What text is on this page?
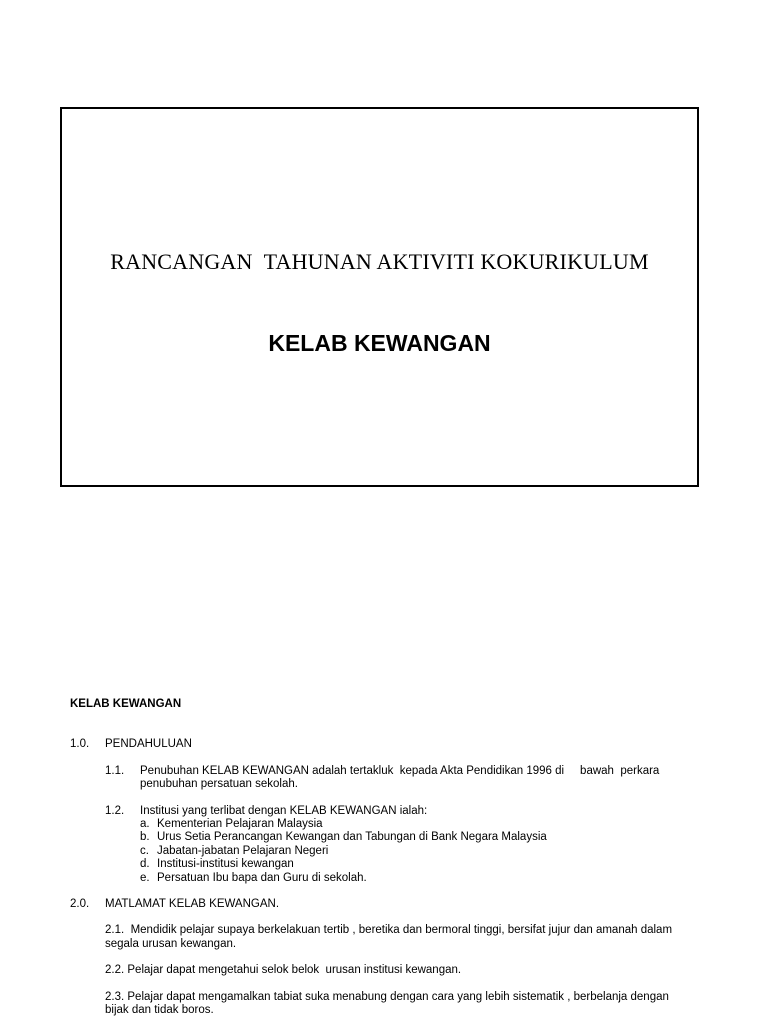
RANCANGAN  TAHUNAN AKTIVITI KOKURIKULUM
KELAB KEWANGAN
KELAB KEWANGAN
1.0.	PENDAHULUAN
1.1.	Penubuhan KELAB KEWANGAN adalah tertakluk  kepada Akta Pendidikan 1996 di     bawah  perkara penubuhan persatuan sekolah.
1.2.	Institusi yang terlibat dengan KELAB KEWANGAN ialah:
a. Kementerian Pelajaran Malaysia
b. Urus Setia Perancangan Kewangan dan Tabungan di Bank Negara Malaysia
c. Jabatan-jabatan Pelajaran Negeri
d. Institusi-institusi kewangan
e. Persatuan Ibu bapa dan Guru di sekolah.
2.0.	MATLAMAT KELAB KEWANGAN.
2.1.  Mendidik pelajar supaya berkelakuan tertib , beretika dan bermoral tinggi, bersifat jujur dan amanah dalam segala urusan kewangan.
2.2. Pelajar dapat mengetahui selok belok  urusan institusi kewangan.
2.3. Pelajar dapat mengamalkan tabiat suka menabung dengan cara yang lebih sistematik , berbelanja dengan bijak dan tidak boros.
